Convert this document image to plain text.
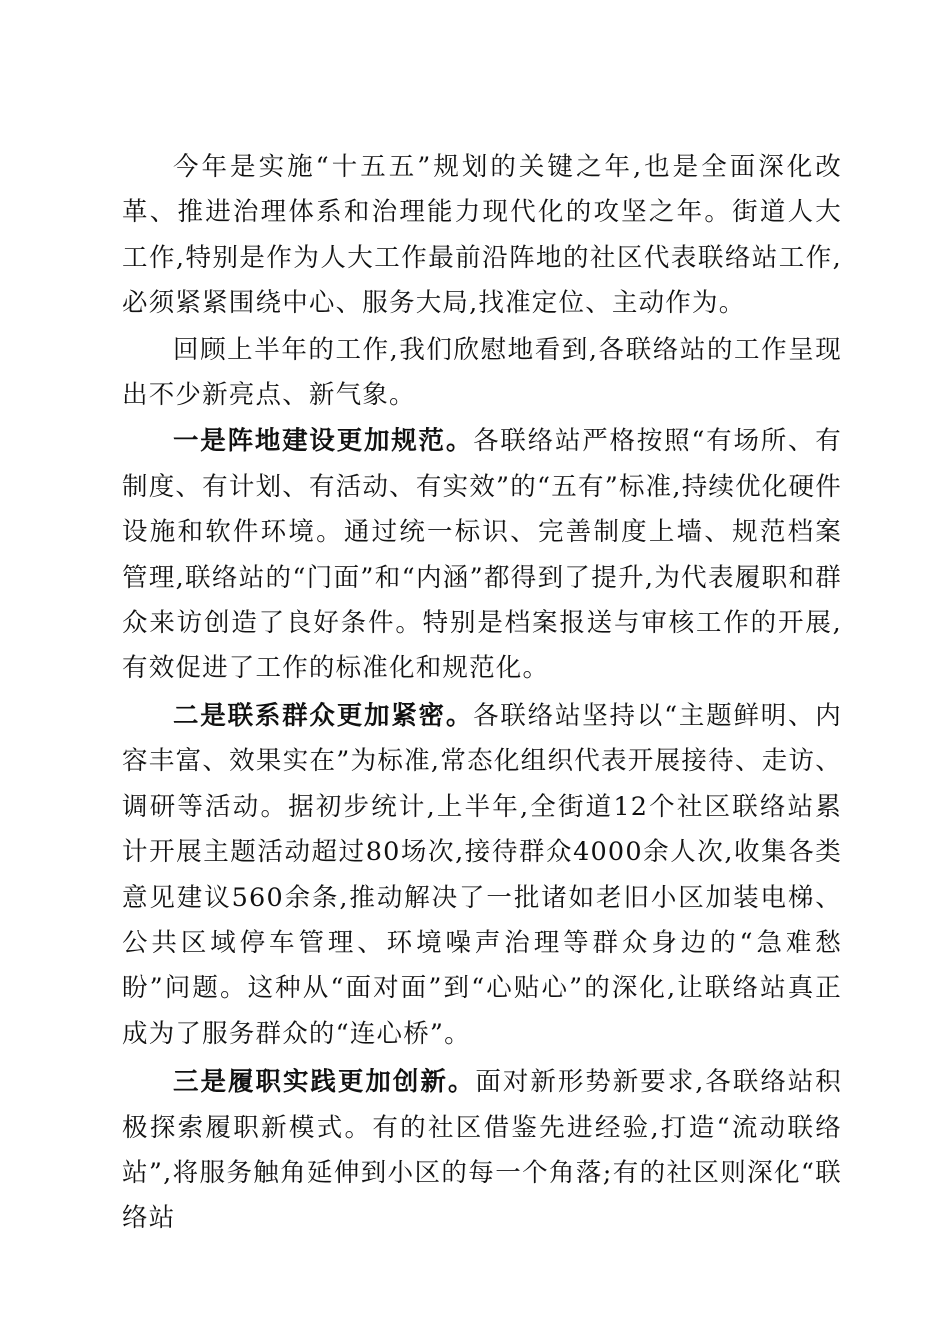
今年是实施“十五五”规划的关键之年,也是全面深化改革、推进治理体系和治理能力现代化的攻坚之年。街道人大工作,特别是作为人大工作最前沿阵地的社区代表联络站工作,必须紧紧围绕中心、服务大局,找准定位、主动作为。

回顾上半年的工作,我们欣慰地看到,各联络站的工作呈现出不少新亮点、新气象。

一是阵地建设更加规范。各联络站严格按照“有场所、有制度、有计划、有活动、有实效”的“五有”标准,持续优化硬件设施和软件环境。通过统一标识、完善制度上墙、规范档案管理,联络站的“门面”和“内涵”都得到了提升,为代表履职和群众来访创造了良好条件。特别是档案报送与审核工作的开展,有效促进了工作的标准化和规范化。

二是联系群众更加紧密。各联络站坚持以“主题鲜明、内容丰富、效果实在”为标准,常态化组织代表开展接待、走访、调研等活动。据初步统计,上半年,全街道12个社区联络站累计开展主题活动超过80场次,接待群众4000余人次,收集各类意见建议560余条,推动解决了一批诸如老旧小区加装电梯、公共区域停车管理、环境噪声治理等群众身边的“急难愁盼”问题。这种从“面对面”到“心贴心”的深化,让联络站真正成为了服务群众的“连心桥”。

三是履职实践更加创新。面对新形势新要求,各联络站积极探索履职新模式。有的社区借鉴先进经验,打造“流动联络站”,将服务触角延伸到小区的每一个角落;有的社区则深化“联络站
